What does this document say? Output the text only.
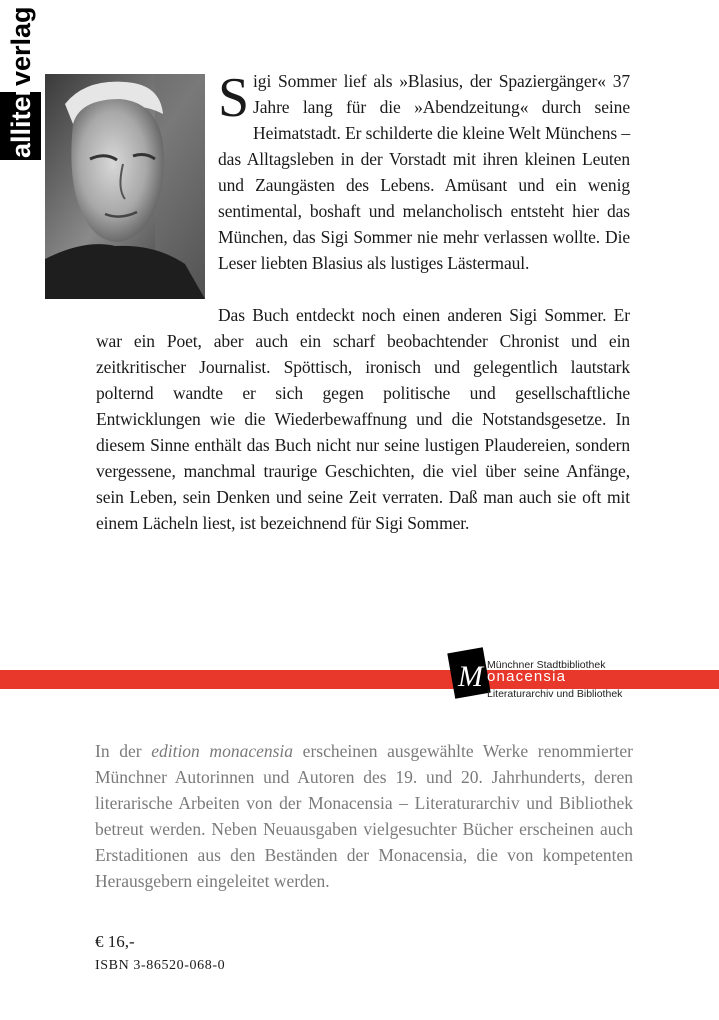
allitera
verlag

Sigi Sommer lief als »Blasius, der Spaziergänger« 37 Jahre lang für die »Abendzeitung« durch seine Heimatstadt. Er schilderte die kleine Welt Münchens – das Alltagsleben in der Vorstadt mit ihren kleinen Leuten und Zaungästen des Lebens. Amüsant und ein wenig sentimental, boshaft und melancholisch entsteht hier das München, das Sigi Sommer nie mehr verlassen wollte. Die Leser liebten Blasius als lustiges Lästermaul.

Das Buch entdeckt noch einen anderen Sigi Sommer. Er war ein Poet, aber auch ein scharf beobachtender Chronist und ein zeitkritischer Journalist. Spöttisch, ironisch und gelegentlich lautstark polternd wandte er sich gegen politische und gesellschaftliche Entwicklungen wie die Wiederbewaffnung und die Notstandsgesetze. In diesem Sinne enthält das Buch nicht nur seine lustigen Plaudereien, sondern vergessene, manchmal traurige Geschichten, die viel über seine Anfänge, sein Leben, sein Denken und seine Zeit verraten. Daß man auch sie oft mit einem Lächeln liest, ist bezeichnend für Sigi Sommer.

M Münchner Stadtbibliothek
onacensia
Literaturarchiv und Bibliothek

In der edition monacensia erscheinen ausgewählte Werke renommierter Münchner Autorinnen und Autoren des 19. und 20. Jahrhunderts, deren literarische Arbeiten von der Monacensia – Literaturarchiv und Bibliothek betreut werden. Neben Neuausgaben vielgesuchter Bücher erscheinen auch Erstaditionen aus den Beständen der Monacensia, die von kompetenten Herausgebern eingeleitet werden.

€ 16,-
ISBN 3-86520-068-0
